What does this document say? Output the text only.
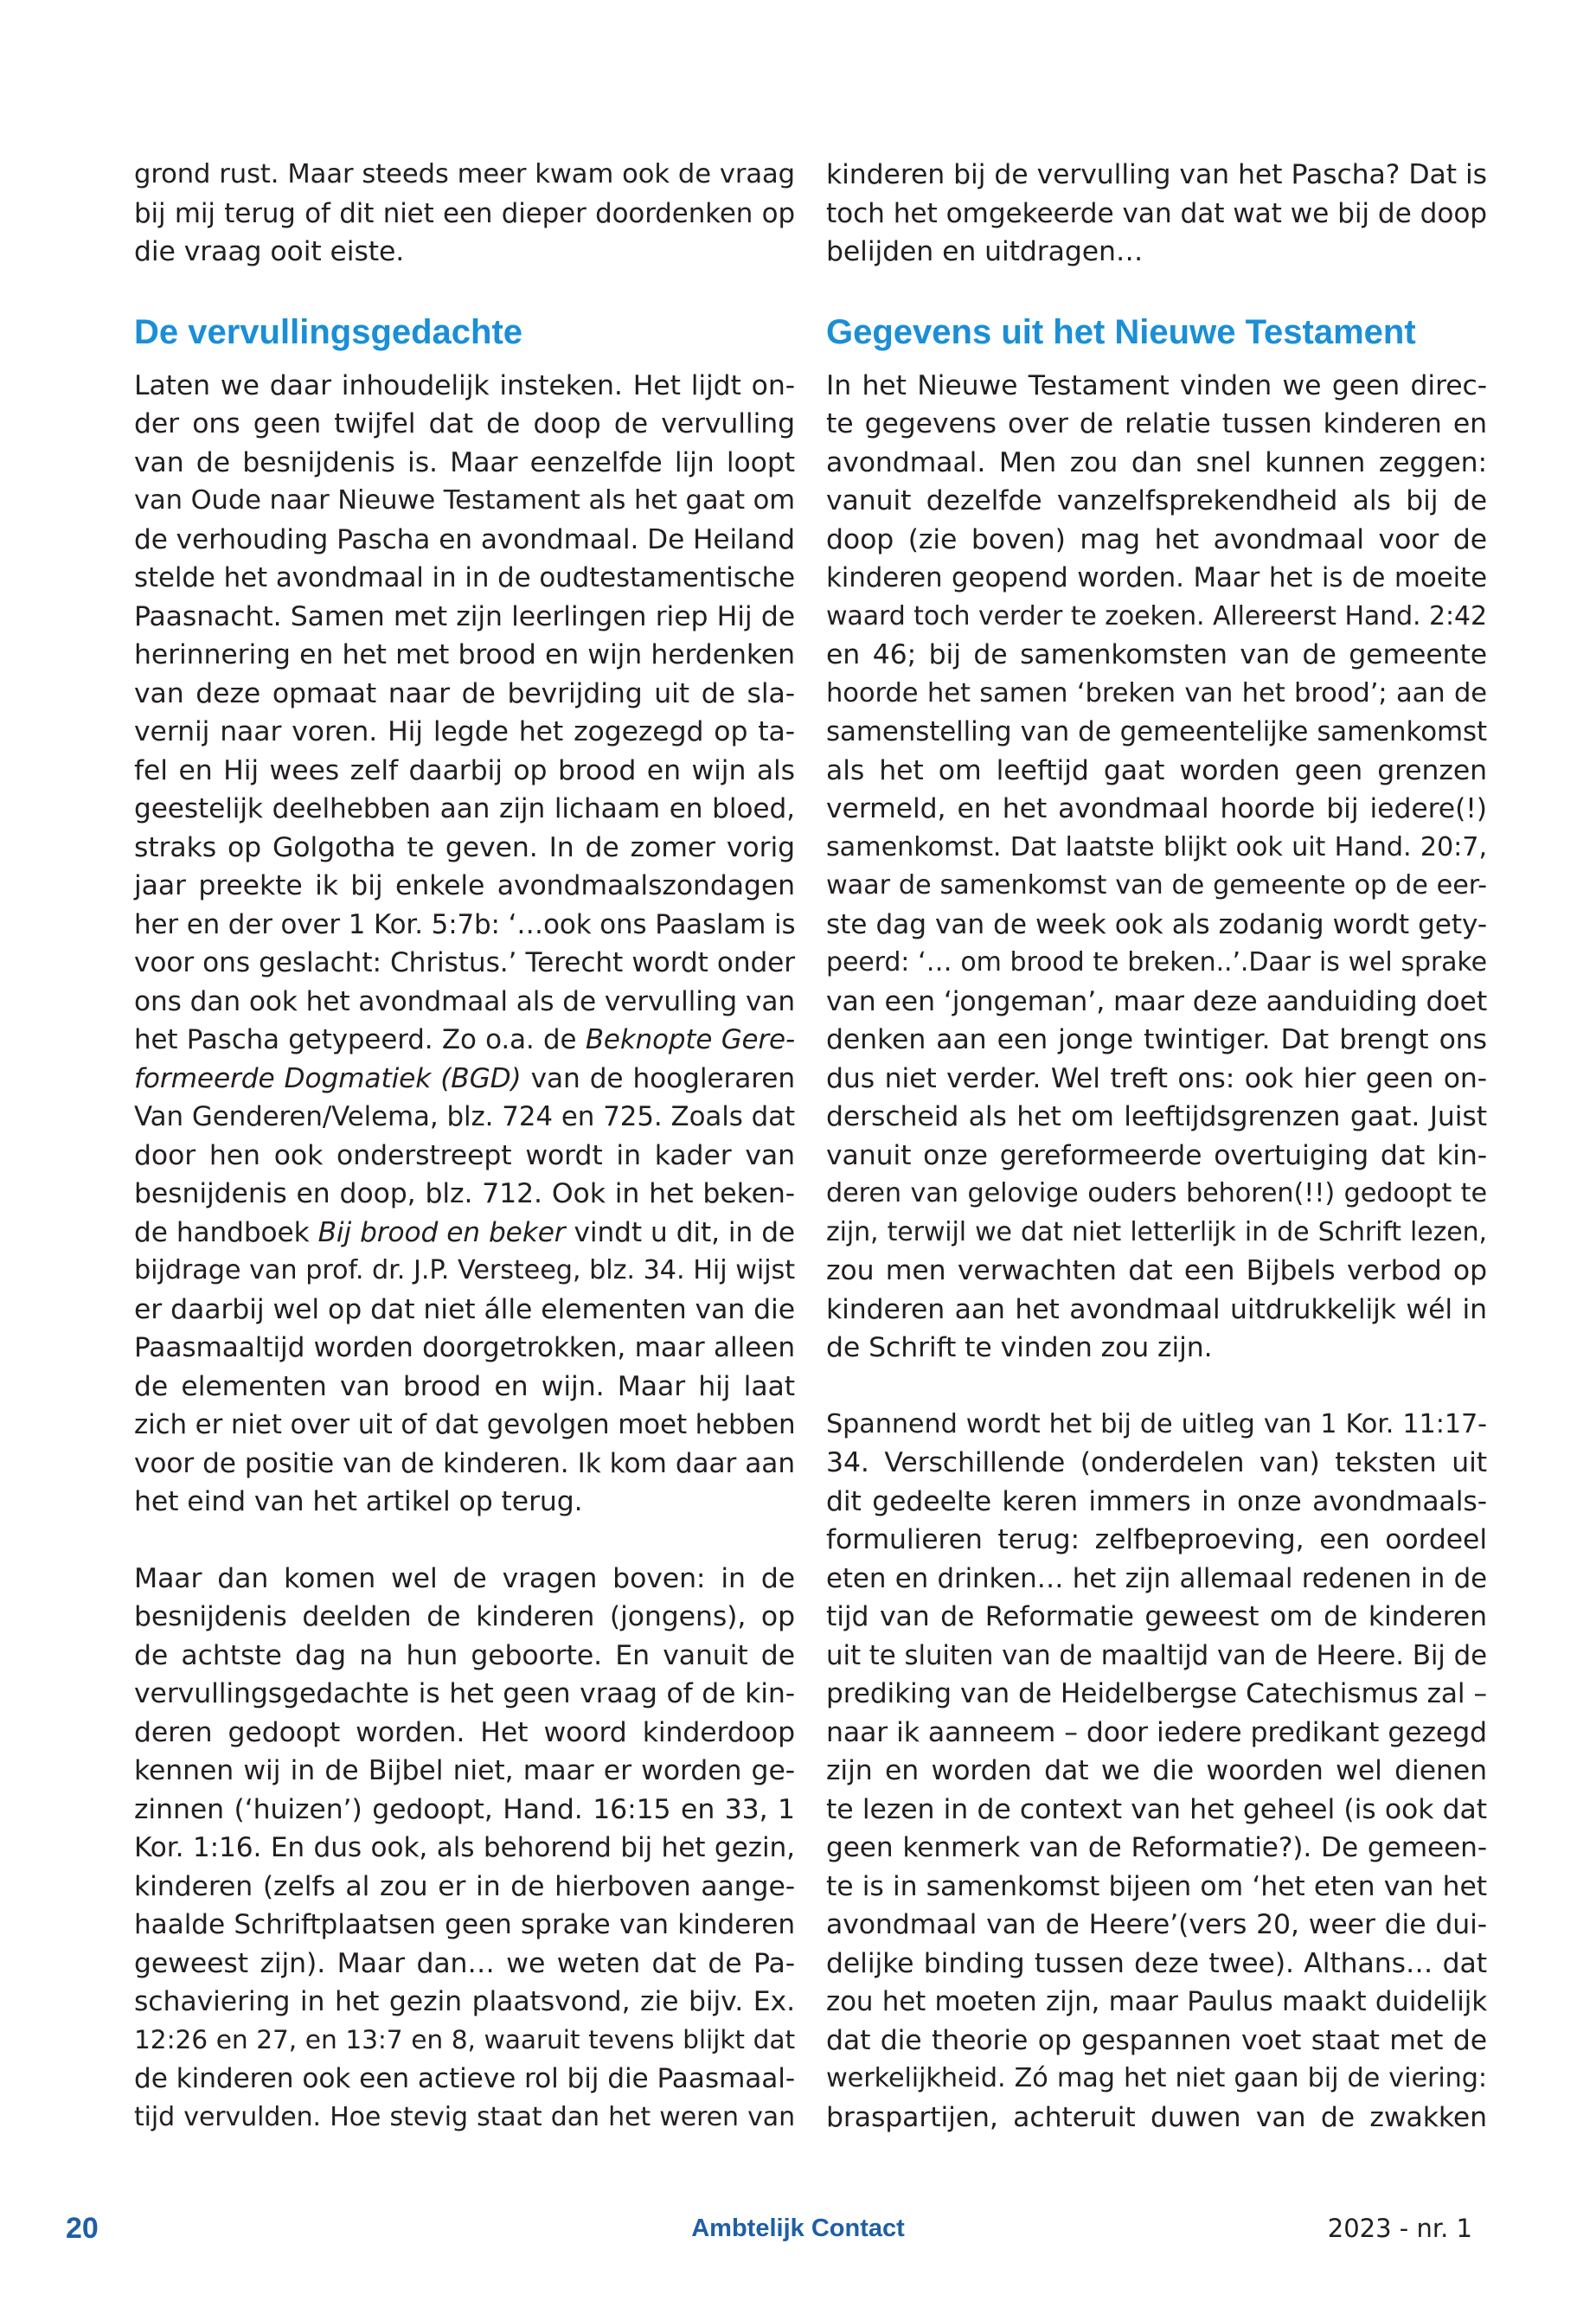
grond rust. Maar steeds meer kwam ook de vraag
bij mij terug of dit niet een dieper doordenken op
die vraag ooit eiste.

De vervullingsgedachte

Laten we daar inhoudelijk insteken. Het lijdt on-
der ons geen twijfel dat de doop de vervulling
van de besnijdenis is. Maar eenzelfde lijn loopt
van Oude naar Nieuwe Testament als het gaat om
de verhouding Pascha en avondmaal. De Heiland
stelde het avondmaal in in de oudtestamentische
Paasnacht. Samen met zijn leerlingen riep Hij de
herinnering en het met brood en wijn herdenken
van deze opmaat naar de bevrijding uit de sla-
vernij naar voren. Hij legde het zogezegd op ta-
fel en Hij wees zelf daarbij op brood en wijn als
geestelijk deelhebben aan zijn lichaam en bloed,
straks op Golgotha te geven. In de zomer vorig
jaar preekte ik bij enkele avondmaalszondagen
her en der over 1 Kor. 5:7b: ‘…ook ons Paaslam is
voor ons geslacht: Christus.’ Terecht wordt onder
ons dan ook het avondmaal als de vervulling van
het Pascha getypeerd. Zo o.a. de Beknopte Gere-
formeerde Dogmatiek (BGD) van de hoogleraren
Van Genderen/Velema, blz. 724 en 725. Zoals dat
door hen ook onderstreept wordt in kader van
besnijdenis en doop, blz. 712. Ook in het beken-
de handboek Bij brood en beker vindt u dit, in de
bijdrage van prof. dr. J.P. Versteeg, blz. 34. Hij wijst
er daarbij wel op dat niet álle elementen van die
Paasmaaltijd worden doorgetrokken, maar alleen
de elementen van brood en wijn. Maar hij laat
zich er niet over uit of dat gevolgen moet hebben
voor de positie van de kinderen. Ik kom daar aan
het eind van het artikel op terug.

Maar dan komen wel de vragen boven: in de
besnijdenis deelden de kinderen (jongens), op
de achtste dag na hun geboorte. En vanuit de
vervullingsgedachte is het geen vraag of de kin-
deren gedoopt worden. Het woord kinderdoop
kennen wij in de Bijbel niet, maar er worden ge-
zinnen (‘huizen’) gedoopt, Hand. 16:15 en 33, 1
Kor. 1:16. En dus ook, als behorend bij het gezin,
kinderen (zelfs al zou er in de hierboven aange-
haalde Schriftplaatsen geen sprake van kinderen
geweest zijn). Maar dan… we weten dat de Pa-
schaviering in het gezin plaatsvond, zie bijv. Ex.
12:26 en 27, en 13:7 en 8, waaruit tevens blijkt dat
de kinderen ook een actieve rol bij die Paasmaal-
tijd vervulden. Hoe stevig staat dan het weren van

kinderen bij de vervulling van het Pascha? Dat is
toch het omgekeerde van dat wat we bij de doop
belijden en uitdragen…

Gegevens uit het Nieuwe Testament

In het Nieuwe Testament vinden we geen direc-
te gegevens over de relatie tussen kinderen en
avondmaal. Men zou dan snel kunnen zeggen:
vanuit dezelfde vanzelfsprekendheid als bij de
doop (zie boven) mag het avondmaal voor de
kinderen geopend worden. Maar het is de moeite
waard toch verder te zoeken. Allereerst Hand. 2:42
en 46; bij de samenkomsten van de gemeente
hoorde het samen ‘breken van het brood’; aan de
samenstelling van de gemeentelijke samenkomst
als het om leeftijd gaat worden geen grenzen
vermeld, en het avondmaal hoorde bij iedere(!)
samenkomst. Dat laatste blijkt ook uit Hand. 20:7,
waar de samenkomst van de gemeente op de eer-
ste dag van de week ook als zodanig wordt gety-
peerd: ‘… om brood te breken..’.Daar is wel sprake
van een ‘jongeman’, maar deze aanduiding doet
denken aan een jonge twintiger. Dat brengt ons
dus niet verder. Wel treft ons: ook hier geen on-
derscheid als het om leeftijdsgrenzen gaat. Juist
vanuit onze gereformeerde overtuiging dat kin-
deren van gelovige ouders behoren(!!) gedoopt te
zijn, terwijl we dat niet letterlijk in de Schrift lezen,
zou men verwachten dat een Bijbels verbod op
kinderen aan het avondmaal uitdrukkelijk wél in
de Schrift te vinden zou zijn.

Spannend wordt het bij de uitleg van 1 Kor. 11:17-
34. Verschillende (onderdelen van) teksten uit
dit gedeelte keren immers in onze avondmaals-
formulieren terug: zelfbeproeving, een oordeel
eten en drinken… het zijn allemaal redenen in de
tijd van de Reformatie geweest om de kinderen
uit te sluiten van de maaltijd van de Heere. Bij de
prediking van de Heidelbergse Catechismus zal –
naar ik aanneem – door iedere predikant gezegd
zijn en worden dat we die woorden wel dienen
te lezen in de context van het geheel (is ook dat
geen kenmerk van de Reformatie?). De gemeen-
te is in samenkomst bijeen om ‘het eten van het
avondmaal van de Heere’(vers 20, weer die dui-
delijke binding tussen deze twee). Althans… dat
zou het moeten zijn, maar Paulus maakt duidelijk
dat die theorie op gespannen voet staat met de
werkelijkheid. Zó mag het niet gaan bij de viering:
braspartijen, achteruit duwen van de zwakken

20	Ambtelijk Contact	2023 - nr. 1
